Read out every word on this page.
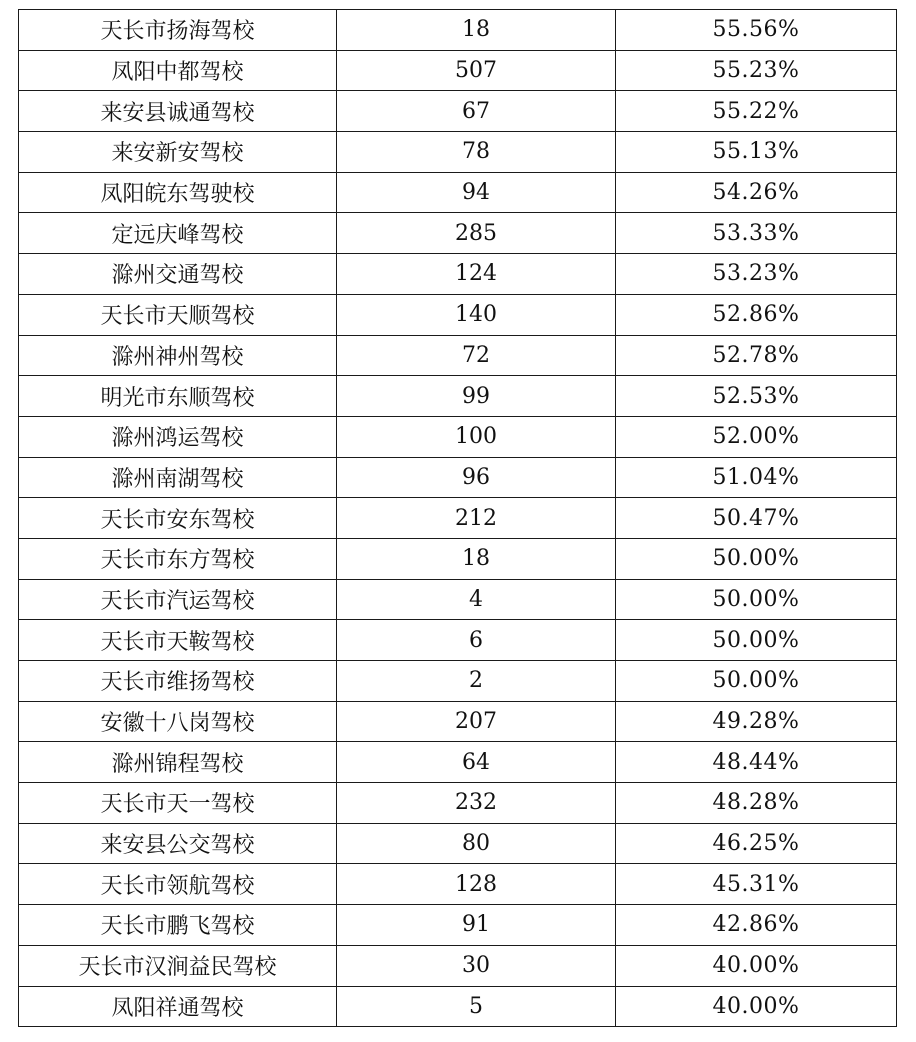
天长市扬海驾校	18	55.56%
凤阳中都驾校	507	55.23%
来安县诚通驾校	67	55.22%
来安新安驾校	78	55.13%
凤阳皖东驾驶校	94	54.26%
定远庆峰驾校	285	53.33%
滁州交通驾校	124	53.23%
天长市天顺驾校	140	52.86%
滁州神州驾校	72	52.78%
明光市东顺驾校	99	52.53%
滁州鸿运驾校	100	52.00%
滁州南湖驾校	96	51.04%
天长市安东驾校	212	50.47%
天长市东方驾校	18	50.00%
天长市汽运驾校	4	50.00%
天长市天鞍驾校	6	50.00%
天长市维扬驾校	2	50.00%
安徽十八岗驾校	207	49.28%
滁州锦程驾校	64	48.44%
天长市天一驾校	232	48.28%
来安县公交驾校	80	46.25%
天长市领航驾校	128	45.31%
天长市鹏飞驾校	91	42.86%
天长市汉涧益民驾校	30	40.00%
凤阳祥通驾校	5	40.00%
